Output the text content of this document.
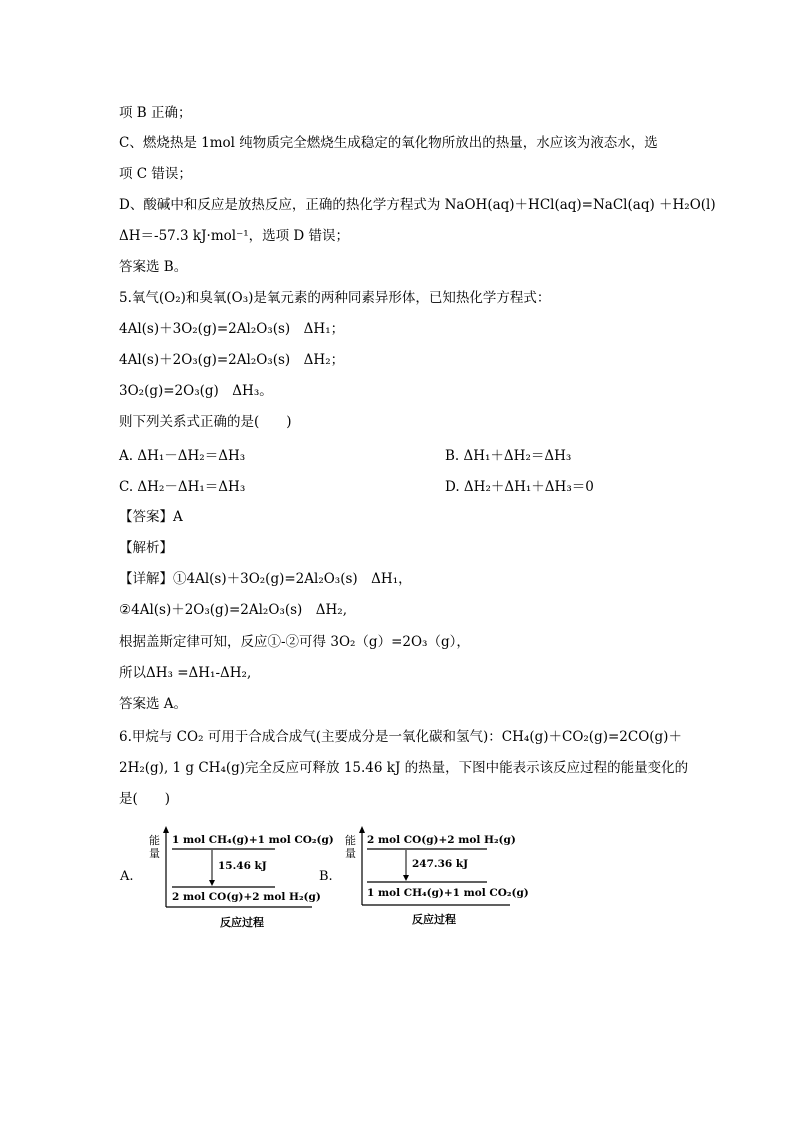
项 B 正确；
C、燃烧热是 1mol 纯物质完全燃烧生成稳定的氧化物所放出的热量，水应该为液态水，选
项 C 错误；
D、酸碱中和反应是放热反应，正确的热化学方程式为 NaOH(aq)＋HCl(aq)=NaCl(aq) ＋H₂O(l)
ΔH＝-57.3 kJ·mol⁻¹，选项 D 错误；
答案选 B。
5.氧气(O₂)和臭氧(O₃)是氧元素的两种同素异形体，已知热化学方程式：
4Al(s)＋3O₂(g)=2Al₂O₃(s)　ΔH₁；
4Al(s)＋2O₃(g)=2Al₂O₃(s)　ΔH₂；
3O₂(g)=2O₃(g)　ΔH₃。
则下列关系式正确的是(　　)
A. ΔH₁－ΔH₂＝ΔH₃	B. ΔH₁＋ΔH₂＝ΔH₃
C. ΔH₂－ΔH₁＝ΔH₃	D. ΔH₂＋ΔH₁＋ΔH₃＝0
【答案】A
【解析】
【详解】①4Al(s)＋3O₂(g)=2Al₂O₃(s)　ΔH₁，
②4Al(s)＋2O₃(g)=2Al₂O₃(s)　ΔH₂,
根据盖斯定律可知，反应①-②可得 3O₂（g）=2O₃（g），
所以ΔH₃ =ΔH₁-ΔH₂,
答案选 A。
6.甲烷与 CO₂ 可用于合成合成气(主要成分是一氧化碳和氢气)：CH₄(g)＋CO₂(g)=2CO(g)＋
2H₂(g), 1 g CH₄(g)完全反应可释放 15.46 kJ 的热量，下图中能表示该反应过程的能量变化的
是(　　)
A.
能
量
1 mol CH₄(g)+1 mol CO₂(g)
15.46 kJ
2 mol CO(g)+2 mol H₂(g)
反应过程
B.
能
量
2 mol CO(g)+2 mol H₂(g)
247.36 kJ
1 mol CH₄(g)+1 mol CO₂(g)
反应过程
